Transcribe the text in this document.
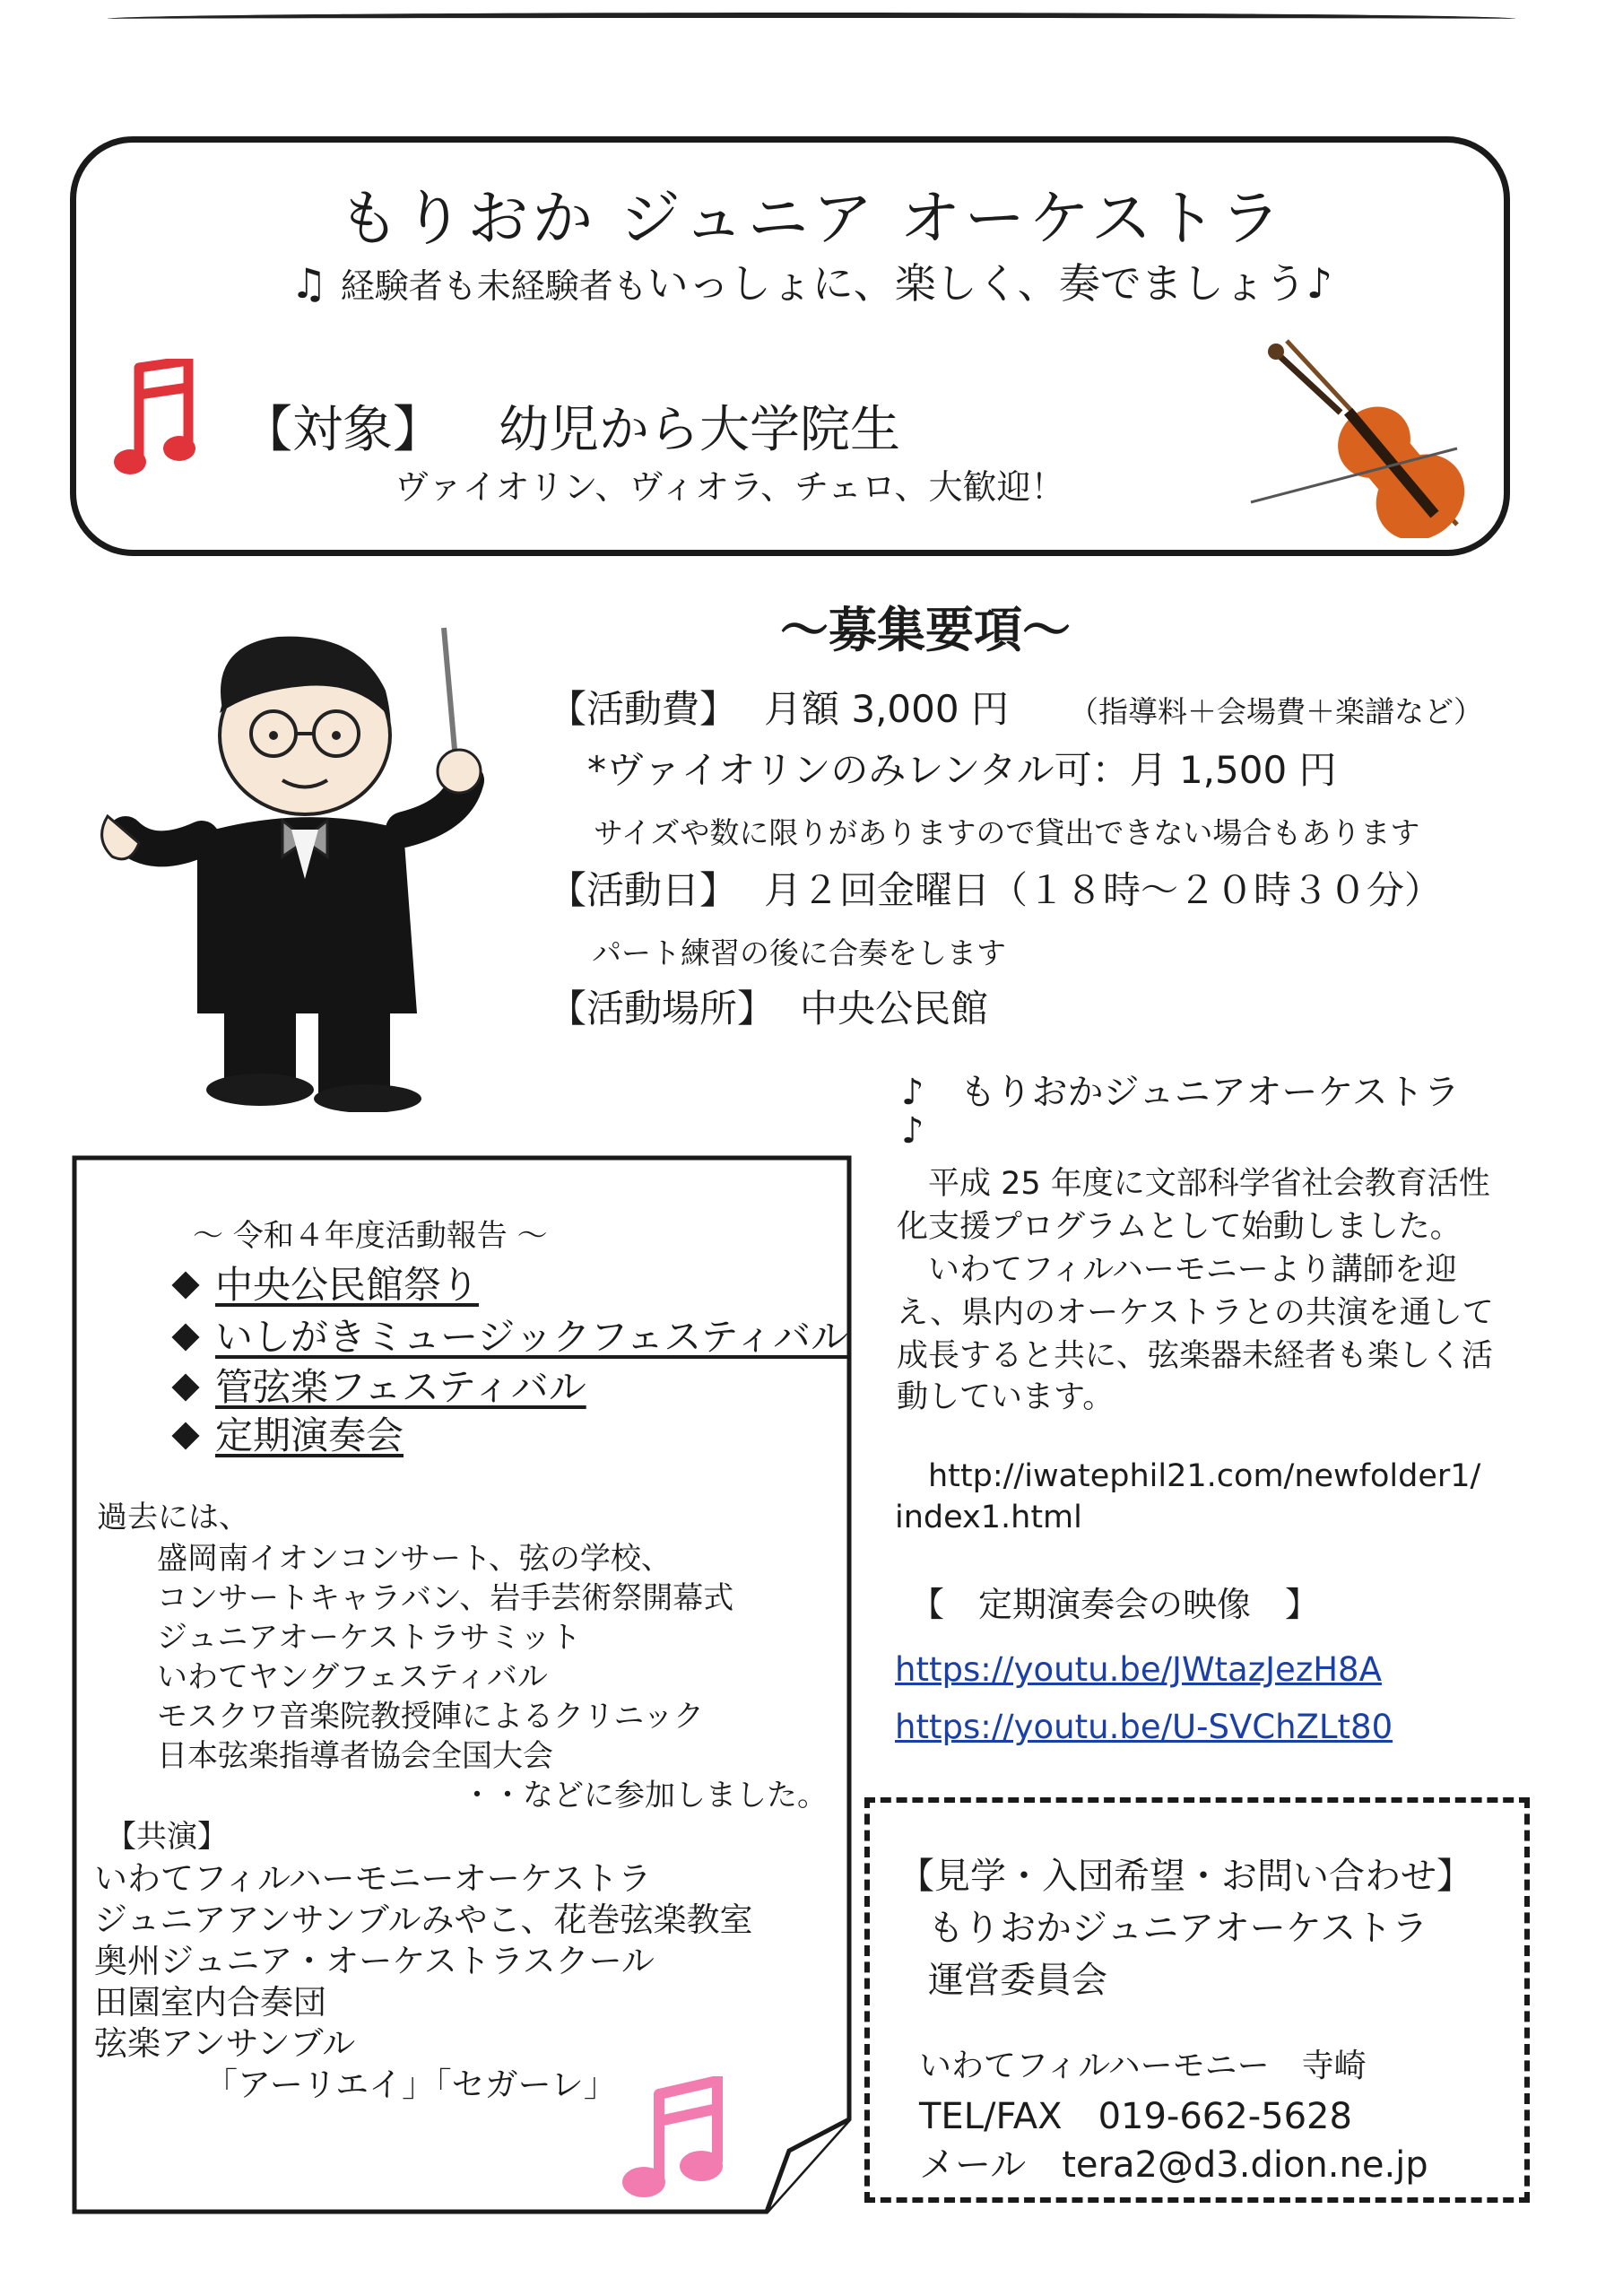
もりおか ジュニア オーケストラ
♫ 経験者も未経験者もいっしょに、楽しく、奏でましょう♪
【対象】 幼児から大学院生
ヴァイオリン、ヴィオラ、チェロ、大歓迎！
～募集要項～
【活動費】 月額 3,000 円 （指導料＋会場費＋楽譜など）
*ヴァイオリンのみレンタル可：月 1,500 円
サイズや数に限りがありますので貸出できない場合もあります
【活動日】 月２回金曜日（１８時～２０時３０分）
パート練習の後に合奏をします
【活動場所】 中央公民館
～ 令和４年度活動報告 ～
中央公民館祭り
いしがきミュージックフェスティバル
管弦楽フェスティバル
定期演奏会
過去には、
盛岡南イオンコンサート、弦の学校、
コンサートキャラバン、岩手芸術祭開幕式
ジュニアオーケストラサミット
いわてヤングフェスティバル
モスクワ音楽院教授陣によるクリニック
日本弦楽指導者協会全国大会
・・などに参加しました。
【共演】
いわてフィルハーモニーオーケストラ
ジュニアアンサンブルみやこ、花巻弦楽教室
奥州ジュニア・オーケストラスクール
田園室内合奏団
弦楽アンサンブル
「アーリエイ」「セガーレ」
♪　もりおかジュニアオーケストラ
♪
平成 25 年度に文部科学省社会教育活性
化支援プログラムとして始動しました。
いわてフィルハーモニーより講師を迎
え、県内のオーケストラとの共演を通して
成長すると共に、弦楽器未経者も楽しく活
動しています。
http://iwatephil21.com/newfolder1/
index1.html
【　定期演奏会の映像　】
https://youtu.be/JWtazJezH8A
https://youtu.be/U-SVChZLt80
【見学・入団希望・お問い合わせ】
もりおかジュニアオーケストラ
運営委員会
いわてフィルハーモニー　寺崎
TEL/FAX　019-662-5628
メール　tera2@d3.dion.ne.jp
